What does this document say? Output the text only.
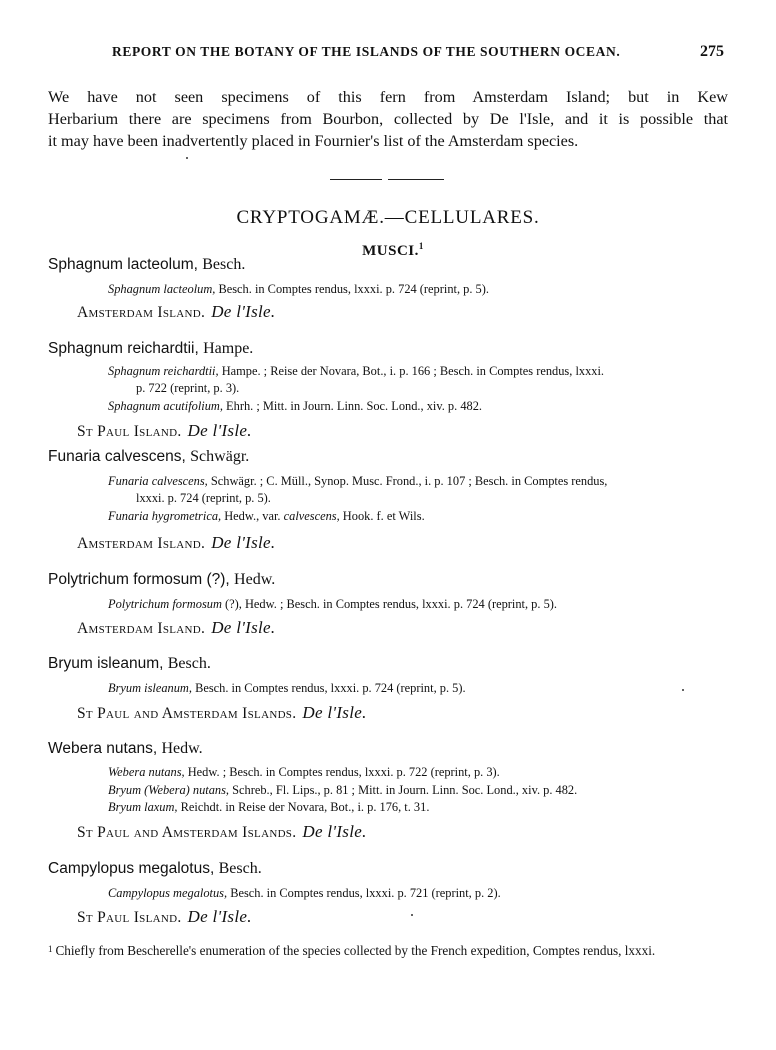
REPORT ON THE BOTANY OF THE ISLANDS OF THE SOUTHERN OCEAN.	275
We have not seen specimens of this fern from Amsterdam Island; but in Kew
Herbarium there are specimens from Bourbon, collected by De l'Isle, and it is possible that
it may have been inadvertently placed in Fournier's list of the Amsterdam species.
CRYPTOGAMÆ.—CELLULARES.
MUSCI.$^1$
Sphagnum lacteolum, Besch.
Sphagnum lacteolum, Besch. in Comptes rendus, lxxxi. p. 724 (reprint, p. 5).
Amsterdam Island. De l'Isle.
Sphagnum reichardtii, Hampe.
Sphagnum reichardtii, Hampe. ; Reise der Novara, Bot., i. p. 166 ; Besch. in Comptes rendus, lxxxi.
p. 722 (reprint, p. 3).
Sphagnum acutifolium, Ehrh. ; Mitt. in Journ. Linn. Soc. Lond., xiv. p. 482.
St Paul Island. De l'Isle.
Funaria calvescens, Schwägr.
Funaria calvescens, Schwägr. ; C. Müll., Synop. Musc. Frond., i. p. 107 ; Besch. in Comptes rendus,
lxxxi. p. 724 (reprint, p. 5).
Funaria hygrometrica, Hedw., var. calvescens, Hook. f. et Wils.
Amsterdam Island. De l'Isle.
Polytrichum formosum (?), Hedw.
Polytrichum formosum (?), Hedw. ; Besch. in Comptes rendus, lxxxi. p. 724 (reprint, p. 5).
Amsterdam Island. De l'Isle.
Bryum isleanum, Besch.
Bryum isleanum, Besch. in Comptes rendus, lxxxi. p. 724 (reprint, p. 5).
St Paul and Amsterdam Islands. De l'Isle.
Webera nutans, Hedw.
Webera nutans, Hedw. ; Besch. in Comptes rendus, lxxxi. p. 722 (reprint, p. 3).
Bryum (Webera) nutans, Schreb., Fl. Lips., p. 81 ; Mitt. in Journ. Linn. Soc. Lond., xiv. p. 482.
Bryum laxum, Reichdt. in Reise der Novara, Bot., i. p. 176, t. 31.
St Paul and Amsterdam Islands. De l'Isle.
Campylopus megalotus, Besch.
Campylopus megalotus, Besch. in Comptes rendus, lxxxi. p. 721 (reprint, p. 2).
St Paul Island. De l'Isle.
$^1$ Chiefly from Bescherelle's enumeration of the species collected by the French expedition, Comptes rendus, lxxxi.
